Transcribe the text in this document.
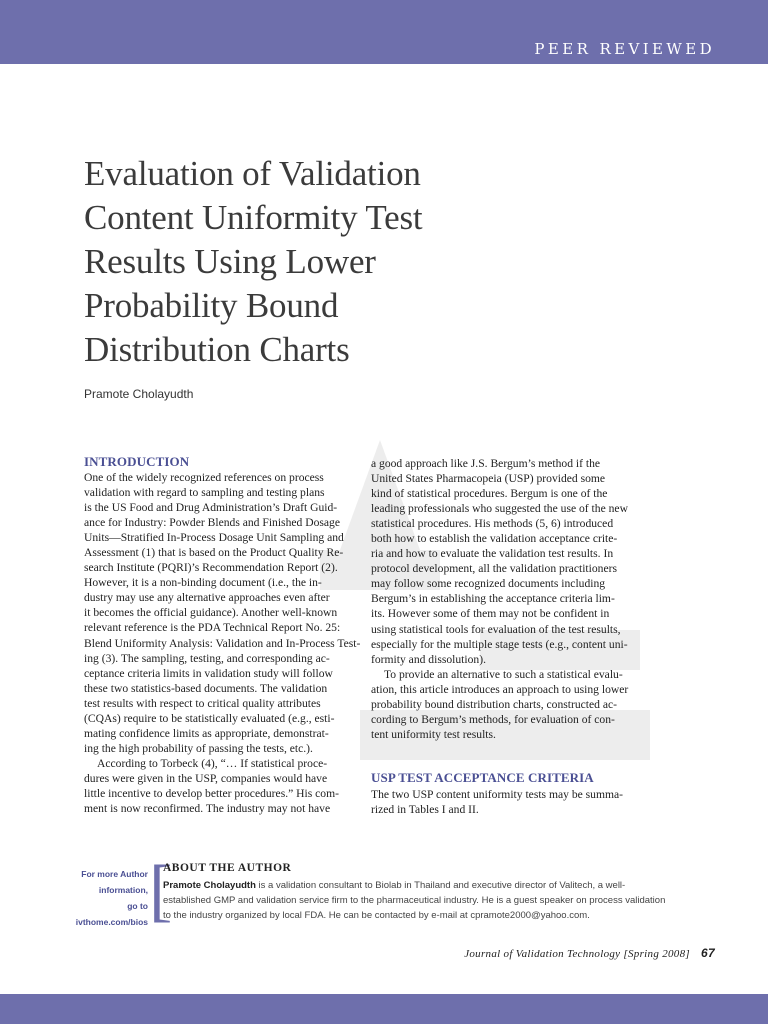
PEER REVIEWED
Evaluation of Validation
Content Uniformity Test
Results Using Lower
Probability Bound
Distribution Charts
Pramote Cholayudth
INTRODUCTION
One of the widely recognized references on process
validation with regard to sampling and testing plans
is the US Food and Drug Administration’s Draft Guid-
ance for Industry: Powder Blends and Finished Dosage
Units—Stratified In-Process Dosage Unit Sampling and
Assessment (1) that is based on the Product Quality Re-
search Institute (PQRI)’s Recommendation Report (2).
However, it is a non-binding document (i.e., the in-
dustry may use any alternative approaches even after
it becomes the official guidance). Another well-known
relevant reference is the PDA Technical Report No. 25:
Blend Uniformity Analysis: Validation and In-Process Test-
ing (3). The sampling, testing, and corresponding ac-
ceptance criteria limits in validation study will follow
these two statistics-based documents. The validation
test results with respect to critical quality attributes
(CQAs) require to be statistically evaluated (e.g., esti-
mating confidence limits as appropriate, demonstrat-
ing the high probability of passing the tests, etc.).
According to Torbeck (4), “… If statistical proce-
dures were given in the USP, companies would have
little incentive to develop better procedures.” His com-
ment is now reconfirmed. The industry may not have
a good approach like J.S. Bergum’s method if the
United States Pharmacopeia (USP) provided some
kind of statistical procedures. Bergum is one of the
leading professionals who suggested the use of the new
statistical procedures. His methods (5, 6) introduced
both how to establish the validation acceptance crite-
ria and how to evaluate the validation test results. In
protocol development, all the validation practitioners
may follow some recognized documents including
Bergum’s in establishing the acceptance criteria lim-
its. However some of them may not be confident in
using statistical tools for evaluation of the test results,
especially for the multiple stage tests (e.g., content uni-
formity and dissolution).
To provide an alternative to such a statistical evalu-
ation, this article introduces an approach to using lower
probability bound distribution charts, constructed ac-
cording to Bergum’s methods, for evaluation of con-
tent uniformity test results.
USP TEST ACCEPTANCE CRITERIA
The two USP content uniformity tests may be summa-
rized in Tables I and II.
For more Author
information,
go to
ivthome.com/bios [
ABOUT THE AUTHOR
Pramote Cholayudth is a validation consultant to Biolab in Thailand and executive director of Valitech, a well-
established GMP and validation service firm to the pharmaceutical industry. He is a guest speaker on process validation
to the industry organized by local FDA. He can be contacted by e-mail at cpramote2000@yahoo.com.
Journal of Validation Technology [Spring 2008] 67
